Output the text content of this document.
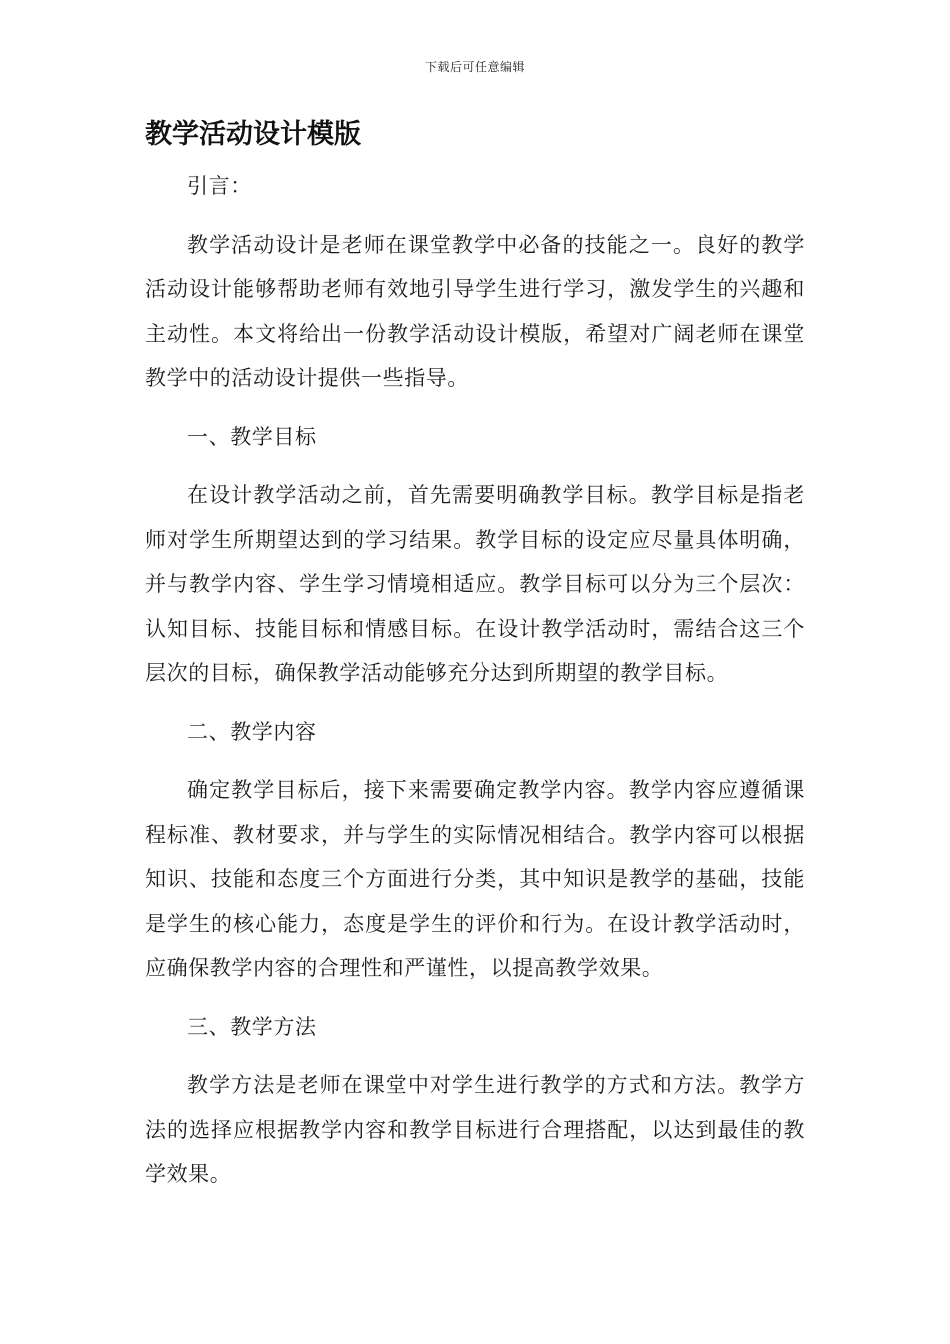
下载后可任意编辑
教学活动设计模版

引言：

教学活动设计是老师在课堂教学中必备的技能之一。良好的教学活动设计能够帮助老师有效地引导学生进行学习，激发学生的兴趣和主动性。本文将给出一份教学活动设计模版，希望对广阔老师在课堂教学中的活动设计提供一些指导。

一、教学目标

在设计教学活动之前，首先需要明确教学目标。教学目标是指老师对学生所期望达到的学习结果。教学目标的设定应尽量具体明确，并与教学内容、学生学习情境相适应。教学目标可以分为三个层次：认知目标、技能目标和情感目标。在设计教学活动时，需结合这三个层次的目标，确保教学活动能够充分达到所期望的教学目标。

二、教学内容

确定教学目标后，接下来需要确定教学内容。教学内容应遵循课程标准、教材要求，并与学生的实际情况相结合。教学内容可以根据知识、技能和态度三个方面进行分类，其中知识是教学的基础，技能是学生的核心能力，态度是学生的评价和行为。在设计教学活动时，应确保教学内容的合理性和严谨性，以提高教学效果。

三、教学方法

教学方法是老师在课堂中对学生进行教学的方式和方法。教学方法的选择应根据教学内容和教学目标进行合理搭配，以达到最佳的教学效果。
